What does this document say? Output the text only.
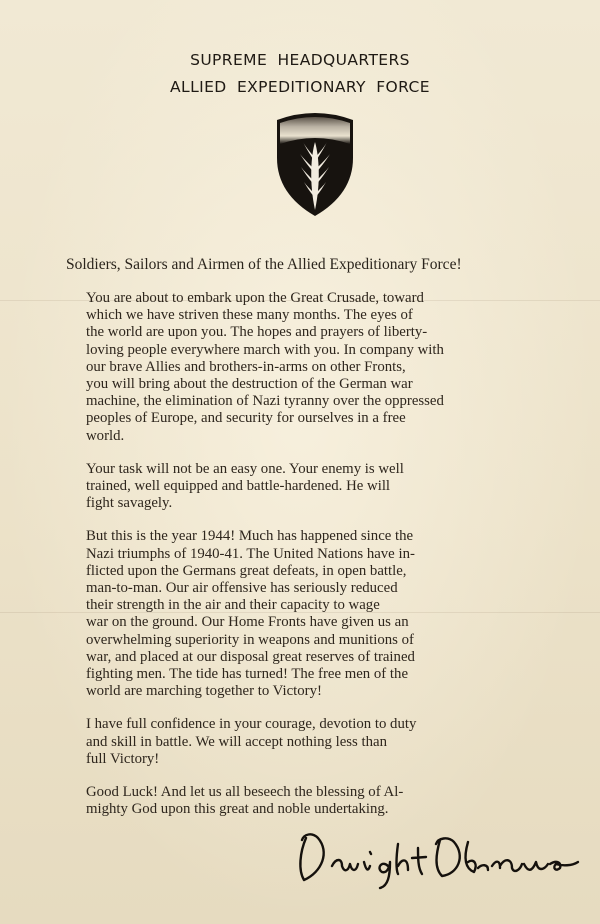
SUPREME HEADQUARTERS
ALLIED EXPEDITIONARY FORCE
Soldiers, Sailors and Airmen of the Allied Expeditionary Force!

You are about to embark upon the Great Crusade, toward
which we have striven these many months. The eyes of
the world are upon you. The hopes and prayers of liberty-
loving people everywhere march with you. In company with
our brave Allies and brothers-in-arms on other Fronts,
you will bring about the destruction of the German war
machine, the elimination of Nazi tyranny over the oppressed
peoples of Europe, and security for ourselves in a free
world.

Your task will not be an easy one. Your enemy is well
trained, well equipped and battle-hardened. He will
fight savagely.

But this is the year 1944! Much has happened since the
Nazi triumphs of 1940-41. The United Nations have in-
flicted upon the Germans great defeats, in open battle,
man-to-man. Our air offensive has seriously reduced
their strength in the air and their capacity to wage
war on the ground. Our Home Fronts have given us an
overwhelming superiority in weapons and munitions of
war, and placed at our disposal great reserves of trained
fighting men. The tide has turned! The free men of the
world are marching together to Victory!

I have full confidence in your courage, devotion to duty
and skill in battle. We will accept nothing less than
full Victory!

Good Luck! And let us all beseech the blessing of Al-
mighty God upon this great and noble undertaking.
